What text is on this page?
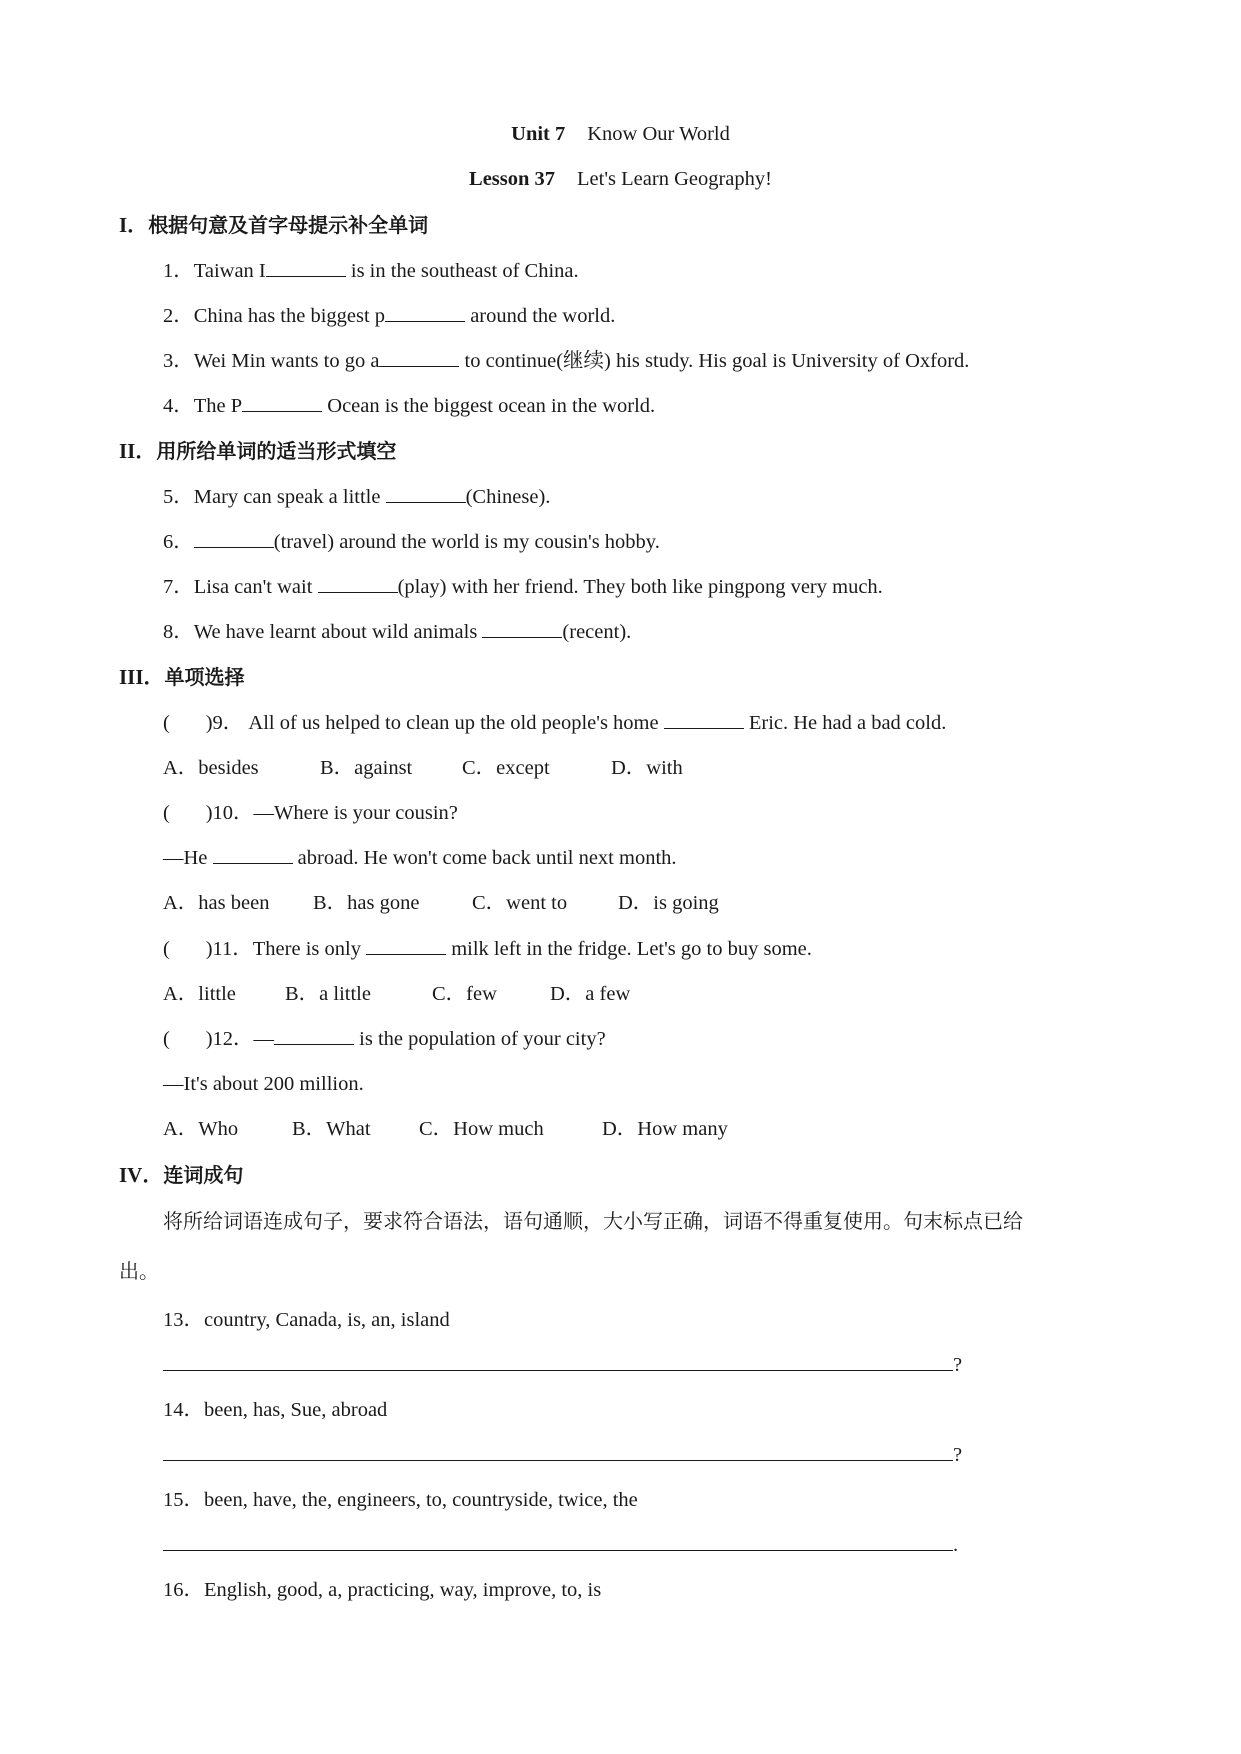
Unit 7 Know Our World
Lesson 37 Let's Learn Geography!
I．根据句意及首字母提示补全单词
1．Taiwan I	is in the southeast of China.
2．China has the biggest p	around the world.
3．Wei Min wants to go a	to continue(继续) his study. His goal is University of Oxford.
4．The P	Ocean is the biggest ocean in the world.
II．用所给单词的适当形式填空
5．Mary can speak a little	(Chinese).
6．	(travel) around the world is my cousin's hobby.
7．Lisa can't wait	(play) with her friend. They both like pingpong very much.
8．We have learnt about wild animals	(recent).
III．单项选择
(       )9． All of us helped to clean up the old people's home	Eric. He had a bad cold.
A．besides	B．against C．except	D．with
(       )10．—Where is your cousin?
—He	abroad. He won't come back until next month.
A．has been B．has gone	C．went to D．is going
(       )11．There is only	milk left in the fridge. Let's go to buy some.
A．little B．a little	C．few	D．a few
(       )12．—	is the population of your city?
—It's about 200 million.
A．Who	B．What C．How much	D．How many
IV．连词成句
将所给词语连成句子，要求符合语法，语句通顺，大小写正确，词语不得重复使用。句末标点已给
出。
13．country, Canada, is, an, island
?
14．been, has, Sue, abroad
?
15．been, have, the, engineers, to, countryside, twice, the
.
16．English, good, a, practicing, way, improve, to, is
